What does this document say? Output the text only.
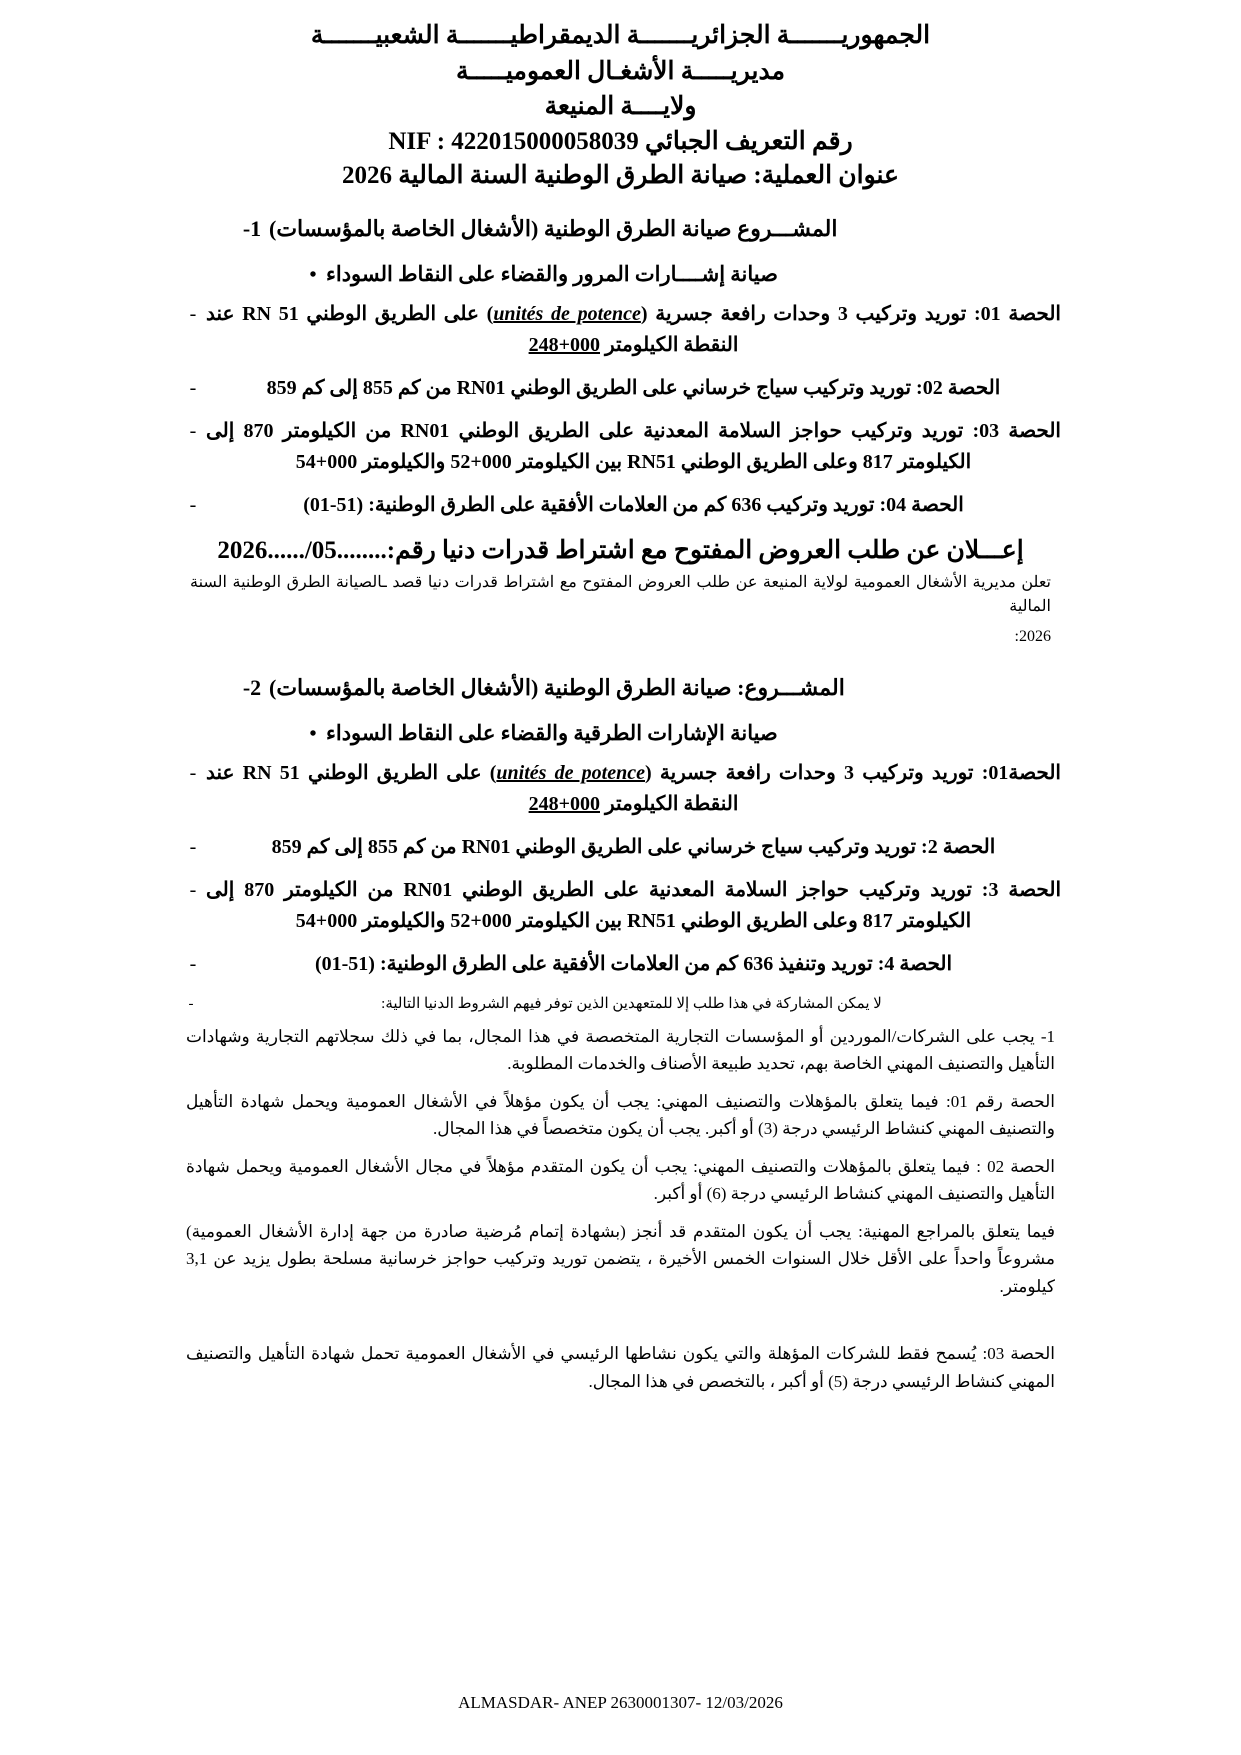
الجمهوريـــــــة الجزائريـــــــة الديمقراطيـــــــة الشعبيـــــــة
مديريـــــة الأشغـال العموميـــــة
ولايــــة المنيعة
رقم التعريف الجبائي NIF : 422015000058039
عنوان العملية: صيانة الطرق الوطنية السنة المالية 2026
1- المشـــروع صيانة الطرق الوطنية (الأشغال الخاصة بالمؤسسات)
• صيانة إشــــارات المرور والقضاء على النقاط السوداء
-	الحصة 01: توريد وتركيب 3 وحدات رافعة جسرية (unités de potence) على الطريق الوطني RN 51 عند النقطة الكيلومتر 248+000
-	الحصة 02: توريد وتركيب سياج خرساني على الطريق الوطني RN01 من كم 855 إلى كم 859
-	الحصة 03: توريد وتركيب حواجز السلامة المعدنية على الطريق الوطني RN01 من الكيلومتر 870 إلى الكيلومتر 817 وعلى الطريق الوطني RN51 بين الكيلومتر 000+52 والكيلومتر 000+54
-	الحصة 04: توريد وتركيب 636 كم من العلامات الأفقية على الطرق الوطنية: (51-01)
إعـــلان عن طلب العروض المفتوح مع اشتراط قدرات دنيا رقم:........05/......2026
تعلن مديرية الأشغال العمومية لولاية المنيعة عن طلب العروض المفتوح مع اشتراط قدرات دنيا قصد ـالصيانة الطرق الوطنية السنة المالية
2026:
2- المشـــروع: صيانة الطرق الوطنية (الأشغال الخاصة بالمؤسسات)
• صيانة الإشارات الطرقية والقضاء على النقاط السوداء
-	الحصة01: توريد وتركيب 3 وحدات رافعة جسرية (unités de potence) على الطريق الوطني RN 51 عند النقطة الكيلومتر 248+000
-	الحصة 2: توريد وتركيب سياج خرساني على الطريق الوطني RN01 من كم 855 إلى كم 859
-	الحصة 3: توريد وتركيب حواجز السلامة المعدنية على الطريق الوطني RN01 من الكيلومتر 870 إلى الكيلومتر 817 وعلى الطريق الوطني RN51 بين الكيلومتر 000+52 والكيلومتر 000+54
-	الحصة 4: توريد وتنفيذ 636 كم من العلامات الأفقية على الطرق الوطنية: (51-01)
-	لا يمكن المشاركة في هذا طلب إلا للمتعهدين الذين توفر فيهم الشروط الدنيا التالية:
1- يجب على الشركات/الموردين أو المؤسسات التجارية المتخصصة في هذا المجال، بما في ذلك سجلاتهم التجارية وشهادات التأهيل والتصنيف المهني الخاصة بهم، تحديد طبيعة الأصناف والخدمات المطلوبة.
الحصة رقم 01: فيما يتعلق بالمؤهلات والتصنيف المهني: يجب أن يكون مؤهلاً في الأشغال العمومية ويحمل شهادة التأهيل والتصنيف المهني كنشاط الرئيسي درجة (3) أو أكبر. يجب أن يكون متخصصاً في هذا المجال.
الحصة 02 : فيما يتعلق بالمؤهلات والتصنيف المهني: يجب أن يكون المتقدم مؤهلاً في مجال الأشغال العمومية ويحمل شهادة التأهيل والتصنيف المهني كنشاط الرئيسي درجة (6) أو أكبر.
فيما يتعلق بالمراجع المهنية: يجب أن يكون المتقدم قد أنجز (بشهادة إتمام مُرضية صادرة من جهة إدارة الأشغال العمومية) مشروعاً واحداً على الأقل خلال السنوات الخمس الأخيرة ، يتضمن توريد وتركيب حواجز خرسانية مسلحة بطول يزيد عن 3,1 كيلومتر.
الحصة 03: يُسمح فقط للشركات المؤهلة والتي يكون نشاطها الرئيسي في الأشغال العمومية تحمل شهادة التأهيل والتصنيف المهني كنشاط الرئيسي درجة (5) أو أكبر ، بالتخصص في هذا المجال.
ALMASDAR- ANEP 2630001307- 12/03/2026
